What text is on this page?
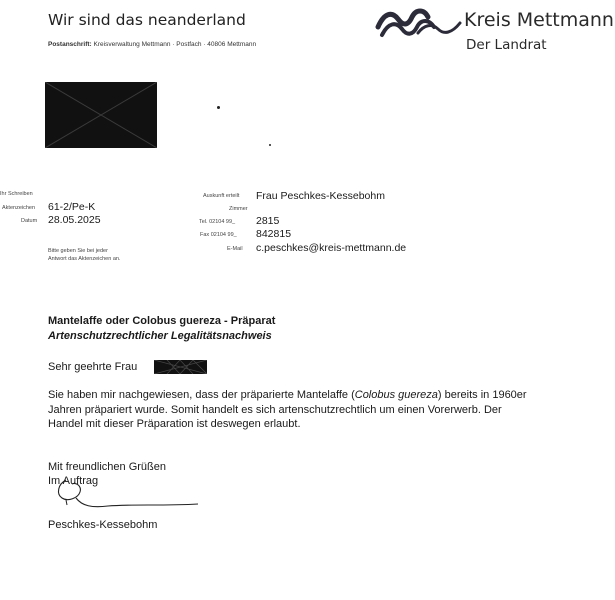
Wir sind das neanderland
Postanschrift: Kreisverwaltung Mettmann · Postfach · 40806 Mettmann
Kreis Mettmann
Der Landrat
Ihr Schreiben
Aktenzeichen 61-2/Pe-K
Datum 28.05.2025
Bitte geben Sie bei jeder
Antwort das Aktenzeichen an.
Auskunft erteilt Frau Peschkes-Kessebohm
Zimmer
Tel. 02104 99_ 2815
Fax 02104 99_ 842815
E-Mail c.peschkes@kreis-mettmann.de
Mantelaffe oder Colobus guereza - Präparat
Artenschutzrechtlicher Legalitätsnachweis
Sehr geehrte Frau
Sie haben mir nachgewiesen, dass der präparierte Mantelaffe (Colobus guereza) bereits in 1960er
Jahren präpariert wurde. Somit handelt es sich artenschutzrechtlich um einen Vorerwerb. Der
Handel mit dieser Präparation ist deswegen erlaubt.
Mit freundlichen Grüßen
Im Auftrag
Peschkes-Kessebohm
